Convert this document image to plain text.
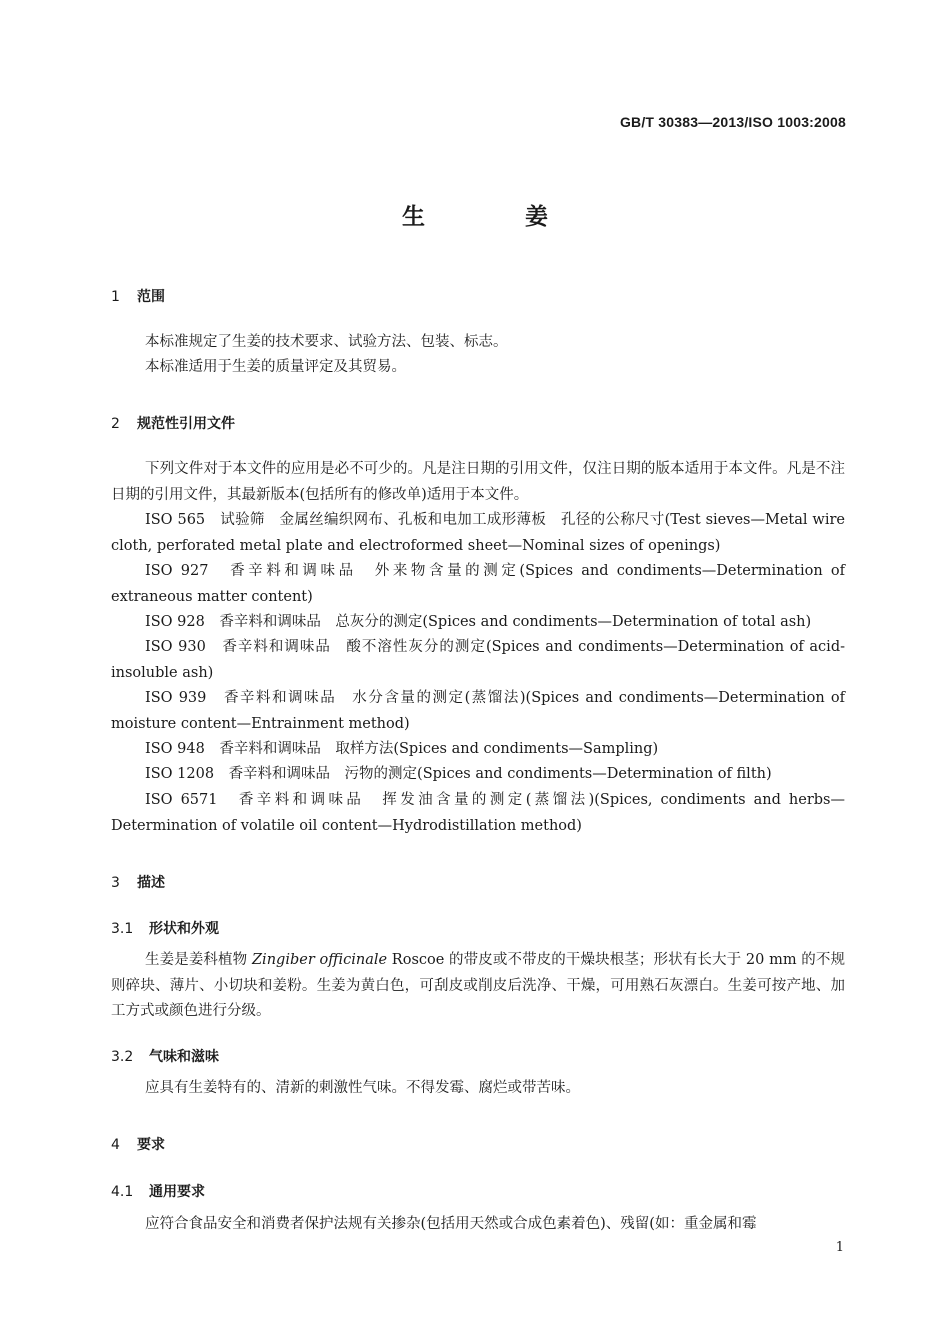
GB/T 30383—2013/ISO 1003:2008
生姜
1 范围
本标准规定了生姜的技术要求、试验方法、包装、标志。
本标准适用于生姜的质量评定及其贸易。
2 规范性引用文件
下列文件对于本文件的应用是必不可少的。凡是注日期的引用文件，仅注日期的版本适用于本文件。凡是不注日期的引用文件，其最新版本(包括所有的修改单)适用于本文件。
ISO 565　 试验筛　金属丝编织网布、孔板和电加工成形薄板　孔径的公称尺寸(Test sieves—Metal wire cloth, perforated metal plate and electroformed sheet—Nominal sizes of openings)
ISO 927　 香辛料和调味品　外来物含量的测定(Spices and condiments—Determination of extraneous matter content)
ISO 928　 香辛料和调味品　总灰分的测定(Spices and condiments—Determination of total ash)
ISO 930　 香辛料和调味品　酸不溶性灰分的测定(Spices and condiments—Determination of acid-insoluble ash)
ISO 939　 香辛料和调味品　水分含量的测定(蒸馏法)(Spices and condiments—Determination of moisture content—Entrainment method)
ISO 948　 香辛料和调味品　取样方法(Spices and condiments—Sampling)
ISO 1208　 香辛料和调味品　污物的测定(Spices and condiments—Determination of filth)
ISO 6571　 香辛料和调味品　挥发油含量的测定(蒸馏法)(Spices, condiments and herbs—Determination of volatile oil content—Hydrodistillation method)
3 描述
3.1 形状和外观
生姜是姜科植物 Zingiber officinale Roscoe 的带皮或不带皮的干燥块根茎；形状有长大于 20 mm 的不规则碎块、薄片、小切块和姜粉。生姜为黄白色，可刮皮或削皮后洗净、干燥，可用熟石灰漂白。生姜可按产地、加工方式或颜色进行分级。
3.2 气味和滋味
应具有生姜特有的、清新的刺激性气味。不得发霉、腐烂或带苦味。
4 要求
4.1 通用要求
应符合食品安全和消费者保护法规有关掺杂(包括用天然或合成色素着色)、残留(如：重金属和霉
1
